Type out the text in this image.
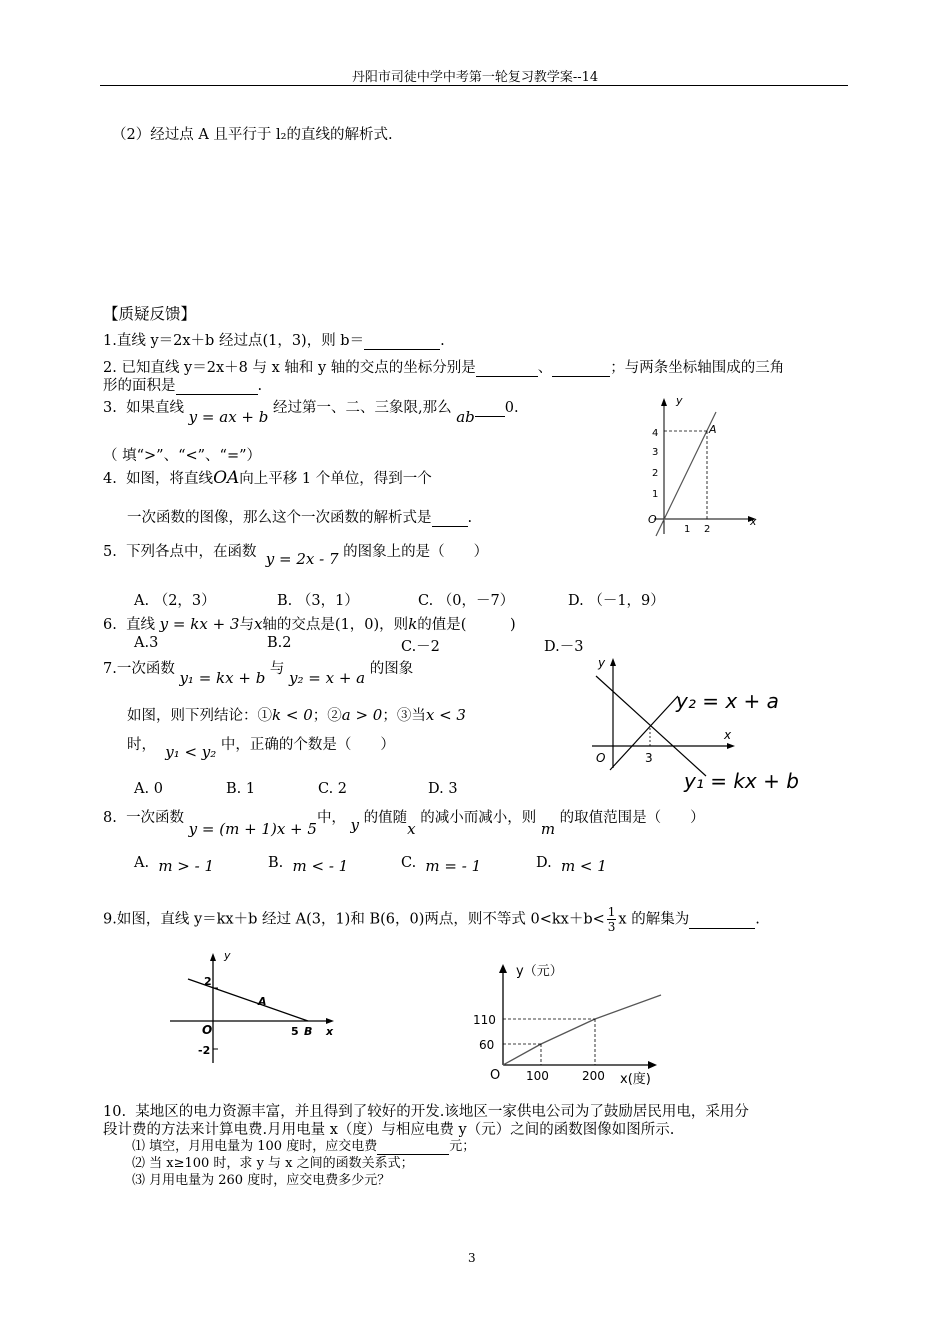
丹阳市司徒中学中考第一轮复习教学案--14
（2）经过点 A 且平行于 l₂的直线的解析式.
【质疑反馈】
1.直线 y＝2x＋b 经过点(1，3)，则 b＝	.
2. 已知直线 y＝2x＋8 与 x 轴和 y 轴的交点的坐标分别是	、	；与两条坐标轴围成的三角
形的面积是	.
3. 如果直线 y = ax + b 经过第一、二、三象限,那么 ab 0.
（ 填“>”、“<”、“=”）
4. 如图，将直线OA向上平移 1 个单位，得到一个
一次函数的图像，那么这个一次函数的解析式是 .
y
x
O
A
1
2
3
4
1 2
5. 下列各点中，在函数 y = 2x - 7 的图象上的是（　　）
A. （2，3）	B. （3，1）	C. （0，－7）	D. （－1，9）
6. 直线 y = kx + 3与x轴的交点是(1，0)，则k的值是(　　　)
A.3	B.2	C.－2	D.－3
7.一次函数 y₁ = kx + b 与 y₂ = x + a 的图象
如图，则下列结论：①k < 0；②a > 0；③当x < 3
时， y₁ < y₂ 中，正确的个数是（　　）
A. 0	B. 1	C. 2	D. 3
y
x
O	3
y₂ = x + a
y₁ = kx + b
8. 一次函数 y = (m + 1)x + 5中， y 的值随x 的减小而减小，则 m 的取值范围是（　　）
A. m > - 1	B. m < - 1	C. m = - 1	D. m < 1
9.如图，直线 y＝kx＋b 经过 A(3，1)和 B(6，0)两点，则不等式 $0<kx+b< \frac{1}{3}$ x 的解集为	.
y
x
O
2
-2
5
A
B
y（元）
x(度)
O
60
110
100	200
10. 某地区的电力资源丰富，并且得到了较好的开发.该地区一家供电公司为了鼓励居民用电，采用分
段计费的方法来计算电费.月用电量 x（度）与相应电费 y（元）之间的函数图像如图所示.
⑴ 填空，月用电量为 100 度时，应交电费	元；
⑵ 当 x≥100 时，求 y 与 x 之间的函数关系式；
⑶ 月用电量为 260 度时，应交电费多少元？
3
